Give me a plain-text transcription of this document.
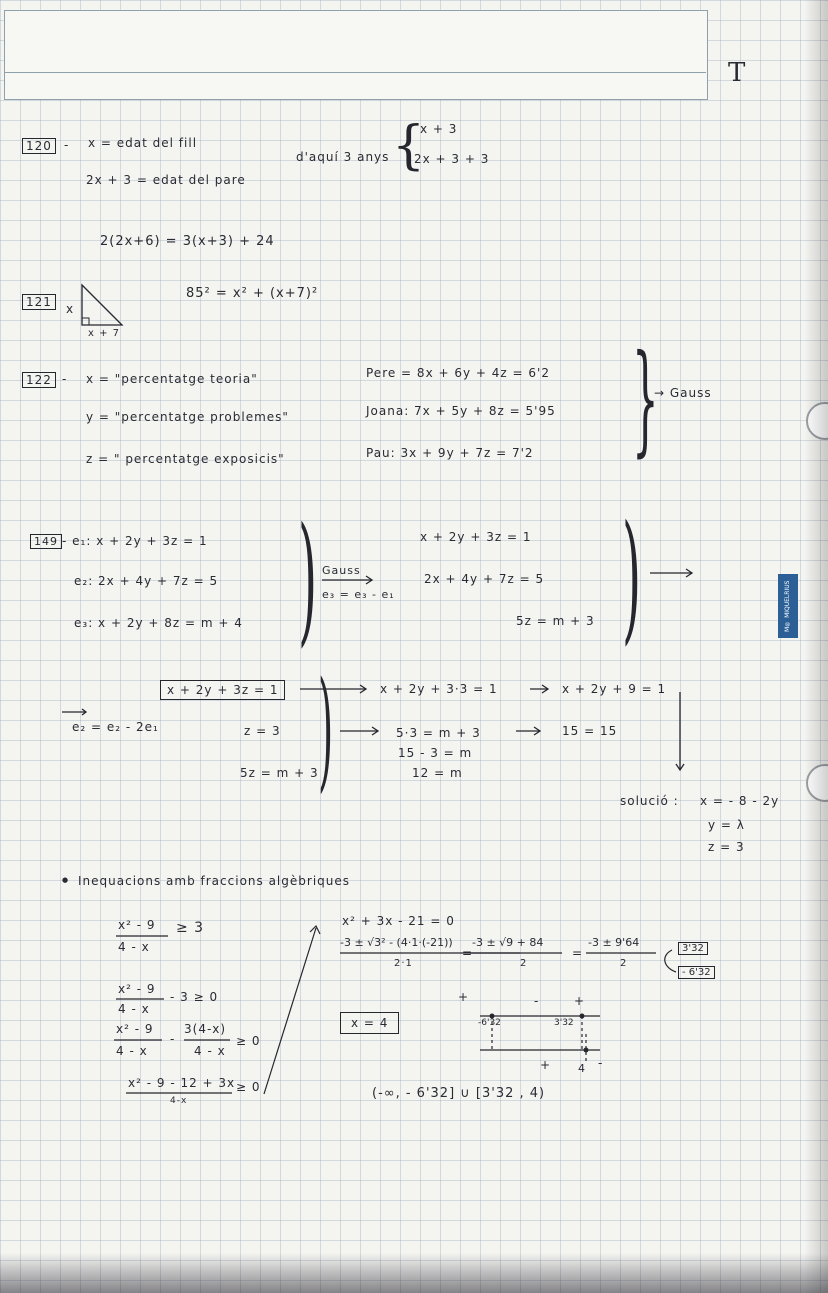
T
120	- x = edat del fill
2x + 3 = edat del pare
d'aquí 3 anys {
x + 3
2x + 3 + 3
2(2x+6) = 3(x+3) + 24
121	x
x + 7
85² = x² + (x+7)²
122 - x = "percentatge teoria"
y = "percentatge problemes"
z = " percentatge exposicis"
Pere = 8x + 6y + 4z = 6'2
Joana: 7x + 5y + 8z = 5'95
Pau: 3x + 9y + 7z = 7'2 }
→ Gauss
149 - e₁: x + 2y + 3z = 1
e₂: 2x + 4y + 7z = 5
e₃: x + 2y + 8z = m + 4 ) Gauss
e₃ = e₃ - e₁
x + 2y + 3z = 1
2x + 4y + 7z = 5
5z = m + 3 )
e₂ = e₂ - 2e₁
x + 2y + 3z = 1
z = 3
5z = m + 3 )	x + 2y + 3·3 = 1	x + 2y + 9 = 1
5·3 = m + 3	15 = 15
15 - 3 = m
12 = m
solució : x = - 8 - 2y
y = λ
z = 3
● Inequacions amb fraccions algèbriques
x² - 9
4 - x
≥ 3
x² - 9
4 - x
- 3 ≥ 0
x² - 9
4 - x
-
3(4-x)
4 - x
≥ 0
x² - 9 - 12 + 3x
4-x
≥ 0
x² + 3x - 21 = 0
-3 ± √3² - (4·1·(-21))
2·1
=
-3 ± √9 + 84
2
=
-3 ± 9'64
2
3'32
- 6'32
x = 4
+	-	+
-6'32	3'32
+ 4 -
(-∞, - 6'32] ∪ [3'32 , 4)
M® MIQUELRIUS
